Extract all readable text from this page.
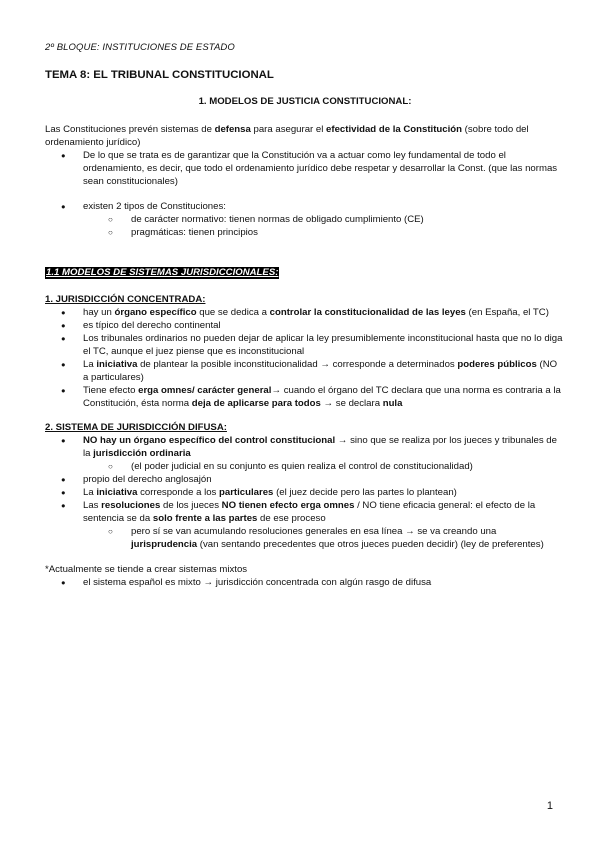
2º BLOQUE: INSTITUCIONES DE ESTADO
TEMA 8: EL TRIBUNAL CONSTITUCIONAL
1. MODELOS DE JUSTICIA CONSTITUCIONAL:
Las Constituciones prevén sistemas de defensa para asegurar el efectividad de la Constitución (sobre todo del ordenamiento jurídico)
● De lo que se trata es de garantizar que la Constitución va a actuar como ley fundamental de todo el ordenamiento, es decir, que todo el ordenamiento jurídico debe respetar y desarrollar la Const. (que las normas sean constitucionales)
● existen 2 tipos de Constituciones:
○ de carácter normativo: tienen normas de obligado cumplimiento (CE)
○ pragmáticas: tienen principios
1.1 MODELOS DE SISTEMAS JURISDICCIONALES:
1. JURISDICCIÓN CONCENTRADA:
● hay un órgano específico que se dedica a controlar la constitucionalidad de las leyes (en España, el TC)
● es típico del derecho continental
● Los tribunales ordinarios no pueden dejar de aplicar la ley presumiblemente inconstitucional hasta que no lo diga el TC, aunque el juez piense que es inconstitucional
● La iniciativa de plantear la posible inconstitucionalidad → corresponde a determinados poderes públicos (NO a particulares)
● Tiene efecto erga omnes/ carácter general→ cuando el órgano del TC declara que una norma es contraria a la Constitución, ésta norma deja de aplicarse para todos → se declara nula
2. SISTEMA DE JURISDICCIÓN DIFUSA:
● NO hay un órgano específico del control constitucional → sino que se realiza por los jueces y tribunales de la jurisdicción ordinaria
○ (el poder judicial en su conjunto es quien realiza el control de constitucionalidad)
● propio del derecho anglosajón
● La iniciativa corresponde a los particulares (el juez decide pero las partes lo plantean)
● Las resoluciones de los jueces NO tienen efecto erga omnes / NO tiene eficacia general: el efecto de la sentencia se da solo frente a las partes de ese proceso
○ pero sí se van acumulando resoluciones generales en esa línea → se va creando una jurisprudencia (van sentando precedentes que otros jueces pueden decidir) (ley de preferentes)
*Actualmente se tiende a crear sistemas mixtos
● el sistema español es mixto → jurisdicción concentrada con algún rasgo de difusa
1
